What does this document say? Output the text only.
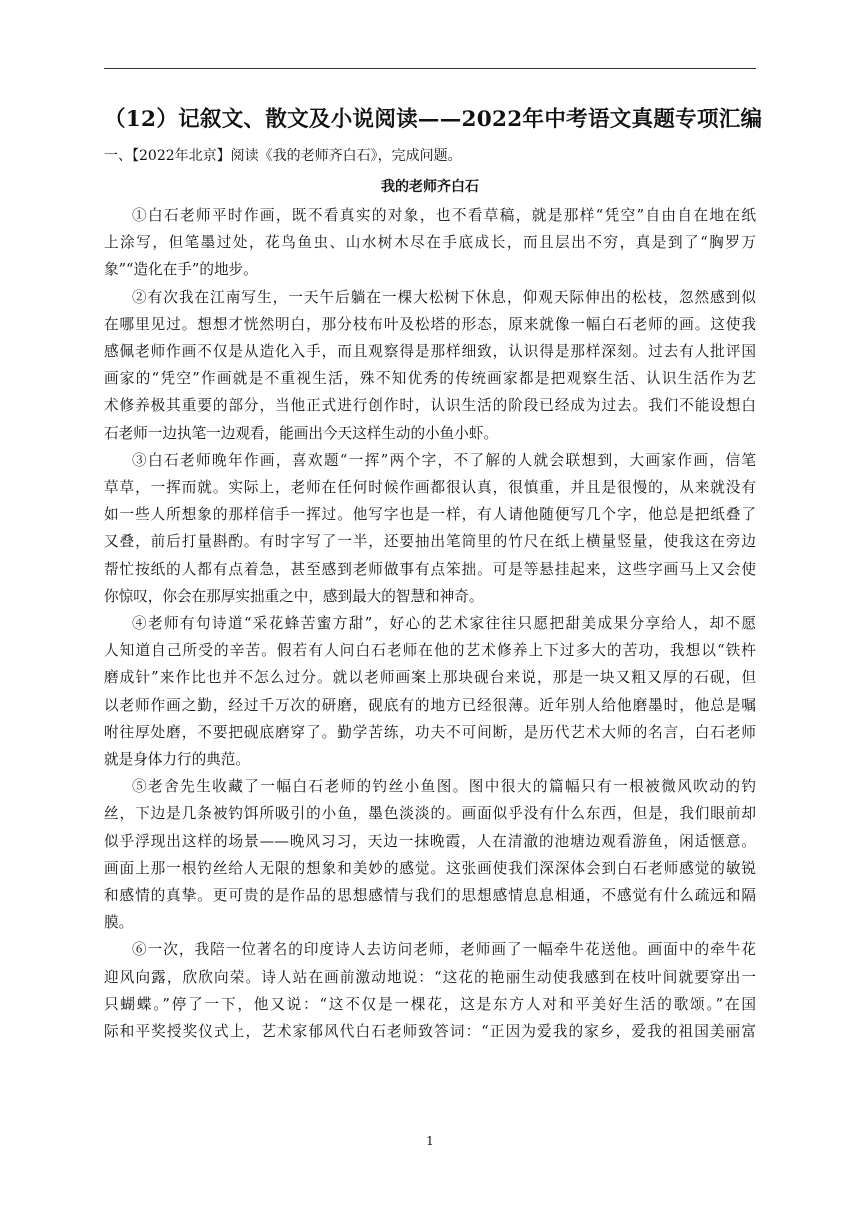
（12）记叙文、散文及小说阅读——2022年中考语文真题专项汇编
一、【2022年北京】阅读《我的老师齐白石》，完成问题。
我的老师齐白石

①白石老师平时作画，既不看真实的对象，也不看草稿，就是那样“凭空”自由自在地在纸
上涂写，但笔墨过处，花鸟鱼虫、山水树木尽在手底成长，而且层出不穷，真是到了“胸罗万
象”“造化在手”的地步。

②有次我在江南写生，一天午后躺在一棵大松树下休息，仰观天际伸出的松枝，忽然感到似
在哪里见过。想想才恍然明白，那分枝布叶及松塔的形态，原来就像一幅白石老师的画。这使我
感佩老师作画不仅是从造化入手，而且观察得是那样细致，认识得是那样深刻。过去有人批评国
画家的“凭空”作画就是不重视生活，殊不知优秀的传统画家都是把观察生活、认识生活作为艺
术修养极其重要的部分，当他正式进行创作时，认识生活的阶段已经成为过去。我们不能设想白
石老师一边执笔一边观看，能画出今天这样生动的小鱼小虾。

③白石老师晚年作画，喜欢题“一挥”两个字，不了解的人就会联想到，大画家作画，信笔
草草，一挥而就。实际上，老师在任何时候作画都很认真，很慎重，并且是很慢的，从来就没有
如一些人所想象的那样信手一挥过。他写字也是一样，有人请他随便写几个字，他总是把纸叠了
又叠，前后打量斟酌。有时字写了一半，还要抽出笔筒里的竹尺在纸上横量竖量，使我这在旁边
帮忙按纸的人都有点着急，甚至感到老师做事有点笨拙。可是等悬挂起来，这些字画马上又会使
你惊叹，你会在那厚实拙重之中，感到最大的智慧和神奇。

④老师有句诗道“采花蜂苦蜜方甜”，好心的艺术家往往只愿把甜美成果分享给人，却不愿
人知道自己所受的辛苦。假若有人问白石老师在他的艺术修养上下过多大的苦功，我想以“铁杵
磨成针”来作比也并不怎么过分。就以老师画案上那块砚台来说，那是一块又粗又厚的石砚，但
以老师作画之勤，经过千万次的研磨，砚底有的地方已经很薄。近年别人给他磨墨时，他总是嘱
咐往厚处磨，不要把砚底磨穿了。勤学苦练，功夫不可间断，是历代艺术大师的名言，白石老师
就是身体力行的典范。

⑤老舍先生收藏了一幅白石老师的钓丝小鱼图。图中很大的篇幅只有一根被微风吹动的钓
丝，下边是几条被钓饵所吸引的小鱼，墨色淡淡的。画面似乎没有什么东西，但是，我们眼前却
似乎浮现出这样的场景——晚风习习，天边一抹晚霞，人在清澈的池塘边观看游鱼，闲适惬意。
画面上那一根钓丝给人无限的想象和美妙的感觉。这张画使我们深深体会到白石老师感觉的敏锐
和感情的真挚。更可贵的是作品的思想感情与我们的思想感情息息相通，不感觉有什么疏远和隔
膜。

⑥一次，我陪一位著名的印度诗人去访问老师，老师画了一幅牵牛花送他。画面中的牵牛花
迎风向露，欣欣向荣。诗人站在画前激动地说：“这花的艳丽生动使我感到在枝叶间就要穿出一
只蝴蝶。”停了一下，他又说：“这不仅是一棵花，这是东方人对和平美好生活的歌颂。”在国
际和平奖授奖仪式上，艺术家郁风代白石老师致答词：“正因为爱我的家乡，爱我的祖国美丽富

1
